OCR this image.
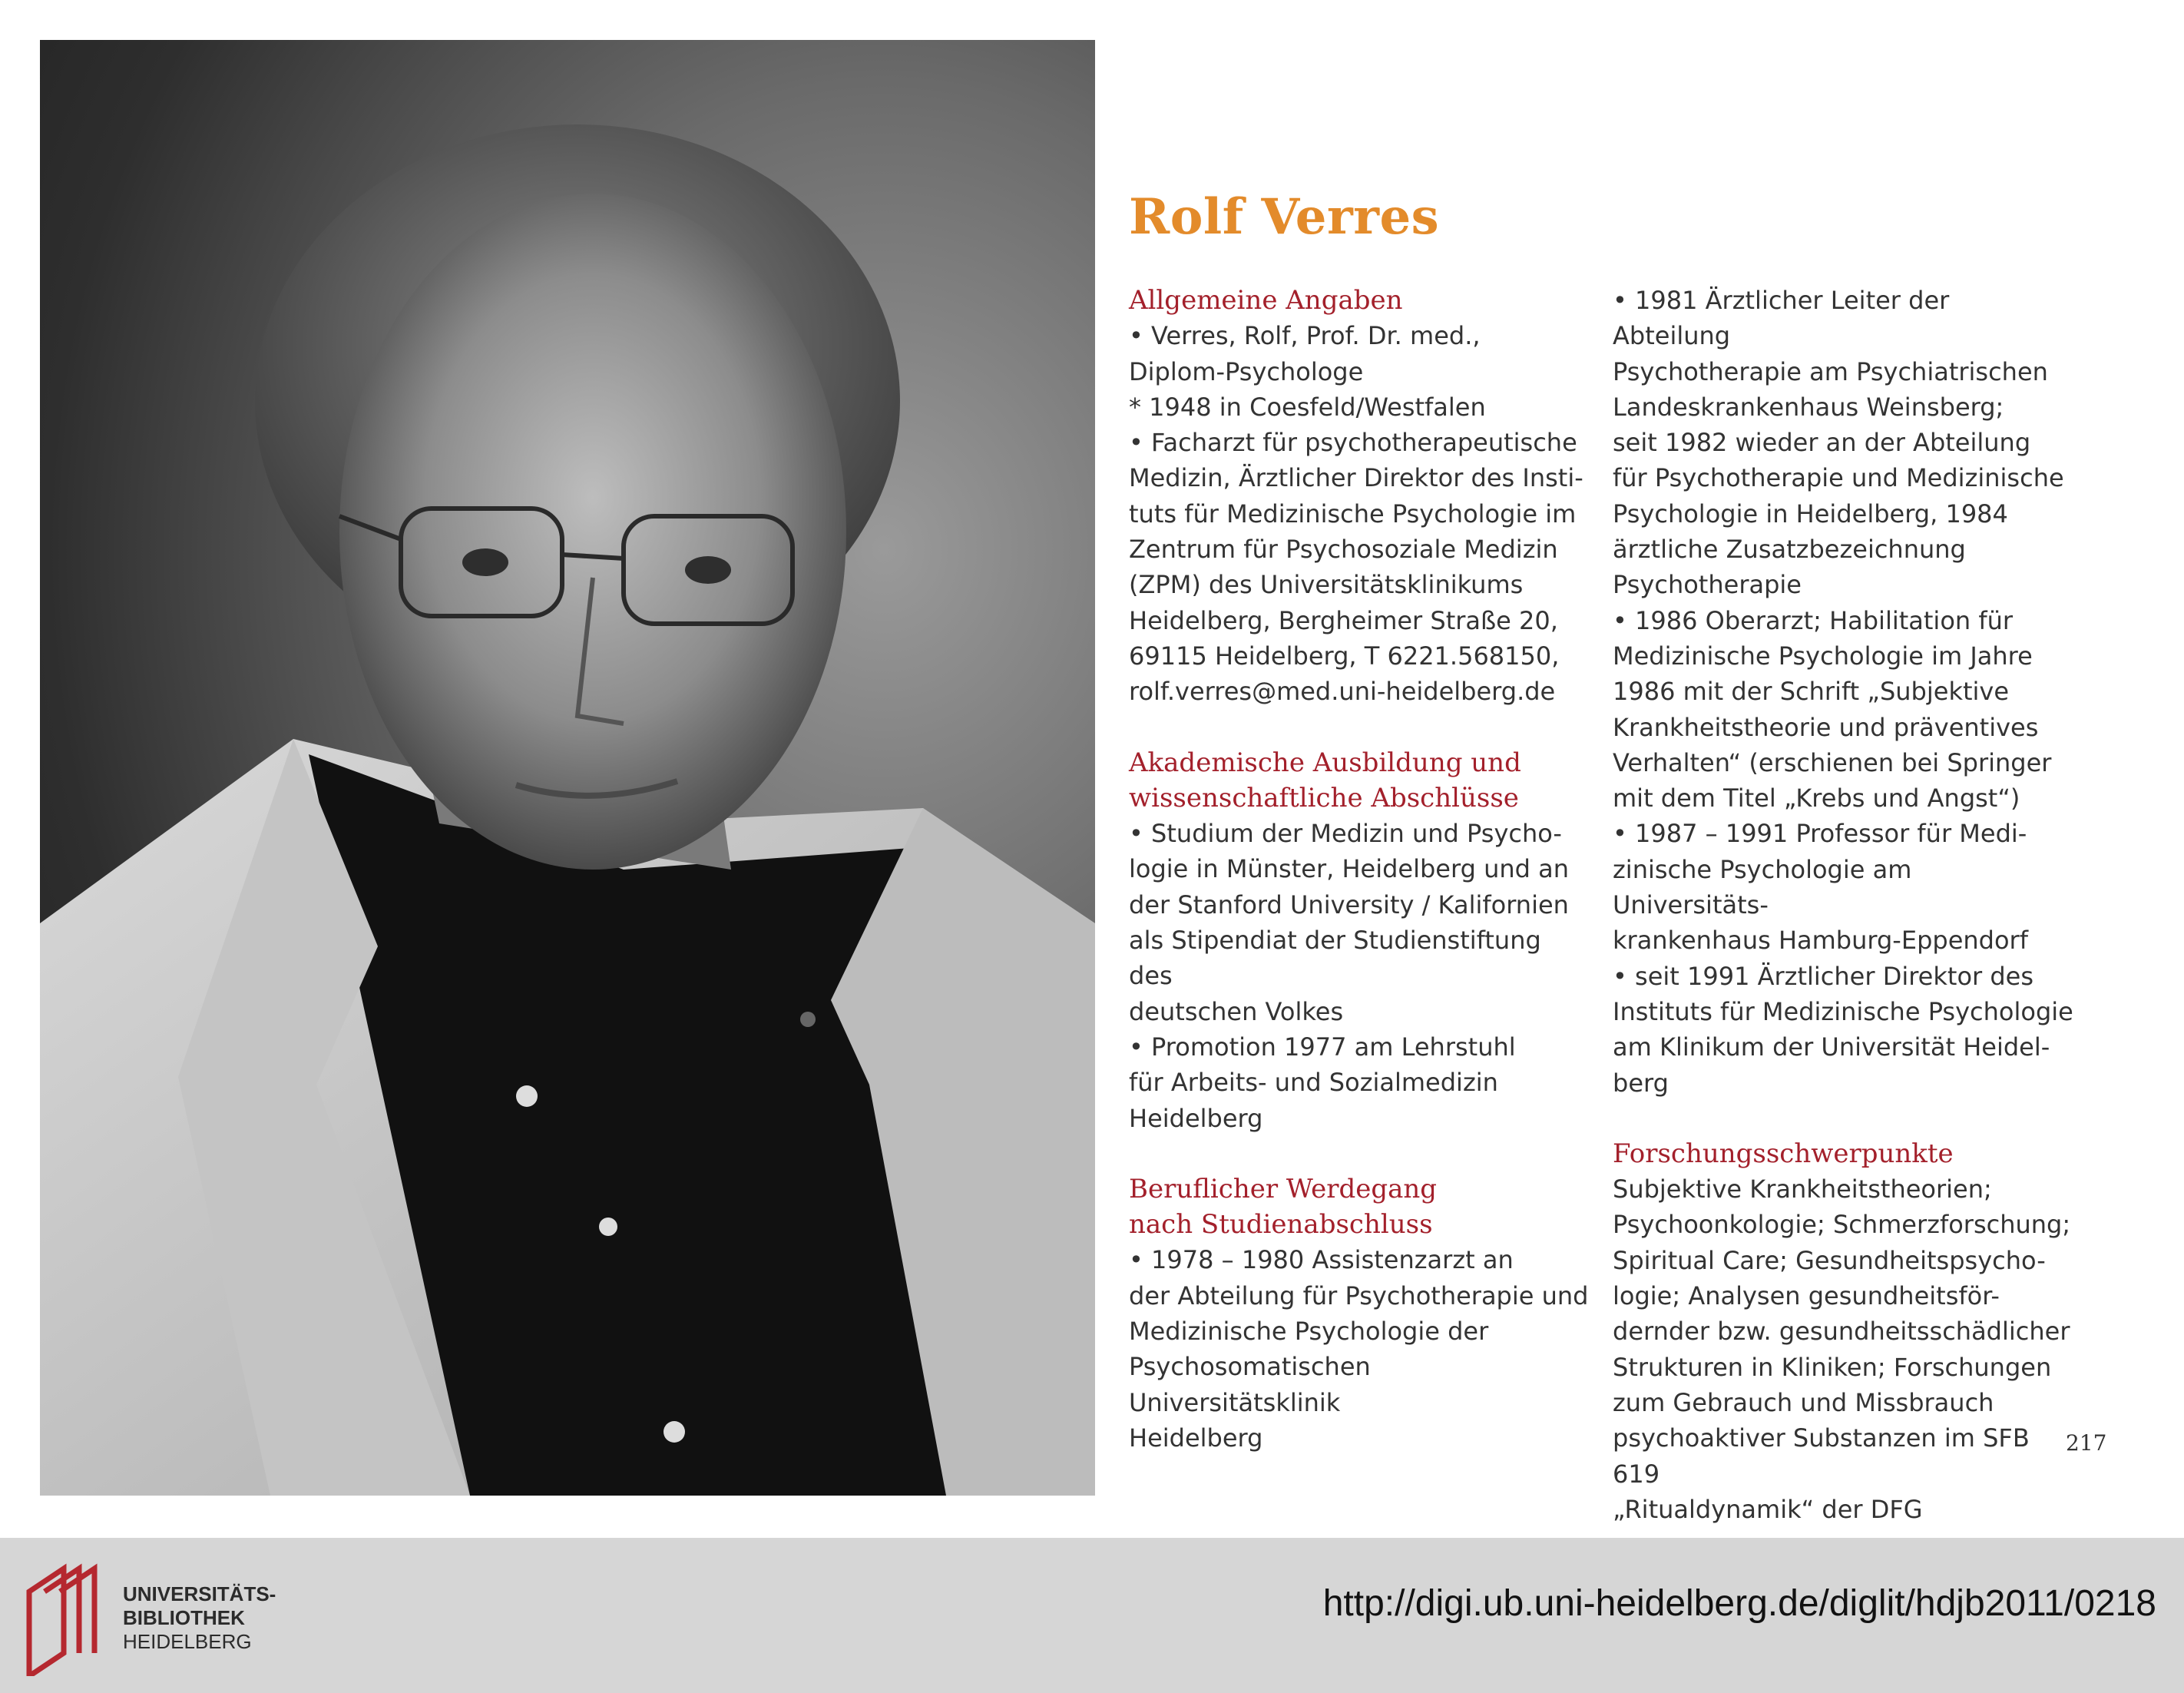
Rolf Verres

Allgemeine Angaben

• Verres, Rolf, Prof. Dr. med.,
Diplom-Psychologe
* 1948 in Coesfeld/Westfalen
• Facharzt für psychotherapeutische
Medizin, Ärztlicher Direktor des Insti-
tuts für Medizinische Psychologie im
Zentrum für Psychosoziale Medizin
(ZPM) des Universitätsklinikums
Heidelberg, Bergheimer Straße 20,
69115 Heidelberg, T 6221.568150,
rolf.verres@med.uni-heidelberg.de

Akademische Ausbildung und

wissenschaftliche Abschlüsse

• Studium der Medizin und Psycho-
logie in Münster, Heidelberg und an
der Stanford University / Kalifornien
als Stipendiat der Studienstiftung des
deutschen Volkes
• Promotion 1977 am Lehrstuhl
für Arbeits- und Sozialmedizin
Heidelberg

Beruflicher Werdegang

nach Studienabschluss

• 1978 – 1980 Assistenzarzt an
der Abteilung für Psychotherapie und
Medizinische Psychologie der
Psychosomatischen Universitätsklinik
Heidelberg

• 1981 Ärztlicher Leiter der Abteilung
Psychotherapie am Psychiatrischen
Landeskrankenhaus Weinsberg;
seit 1982 wieder an der Abteilung
für Psychotherapie und Medizinische
Psychologie in Heidelberg, 1984
ärztliche Zusatzbezeichnung
Psychotherapie
• 1986 Oberarzt; Habilitation für
Medizinische Psychologie im Jahre
1986 mit der Schrift „Subjektive
Krankheitstheorie und präventives
Verhalten“ (erschienen bei Springer
mit dem Titel „Krebs und Angst“)
• 1987 – 1991 Professor für Medi-
zinische Psychologie am Universitäts-
krankenhaus Hamburg-Eppendorf
• seit 1991 Ärztlicher Direktor des
Instituts für Medizinische Psychologie
am Klinikum der Universität Heidel-
berg

Forschungsschwerpunkte

Subjektive Krankheitstheorien;
Psychoonkologie; Schmerzforschung;
Spiritual Care; Gesundheitspsycho-
logie; Analysen gesundheitsför-
dernder bzw. gesundheitsschädlicher
Strukturen in Kliniken; Forschungen
zum Gebrauch und Missbrauch
psychoaktiver Substanzen im SFB 619
„Ritualdynamik“ der DFG

217
UNIVERSITÄTS-
BIBLIOTHEK
HEIDELBERG
http://digi.ub.uni-heidelberg.de/diglit/hdjb2011/0218
